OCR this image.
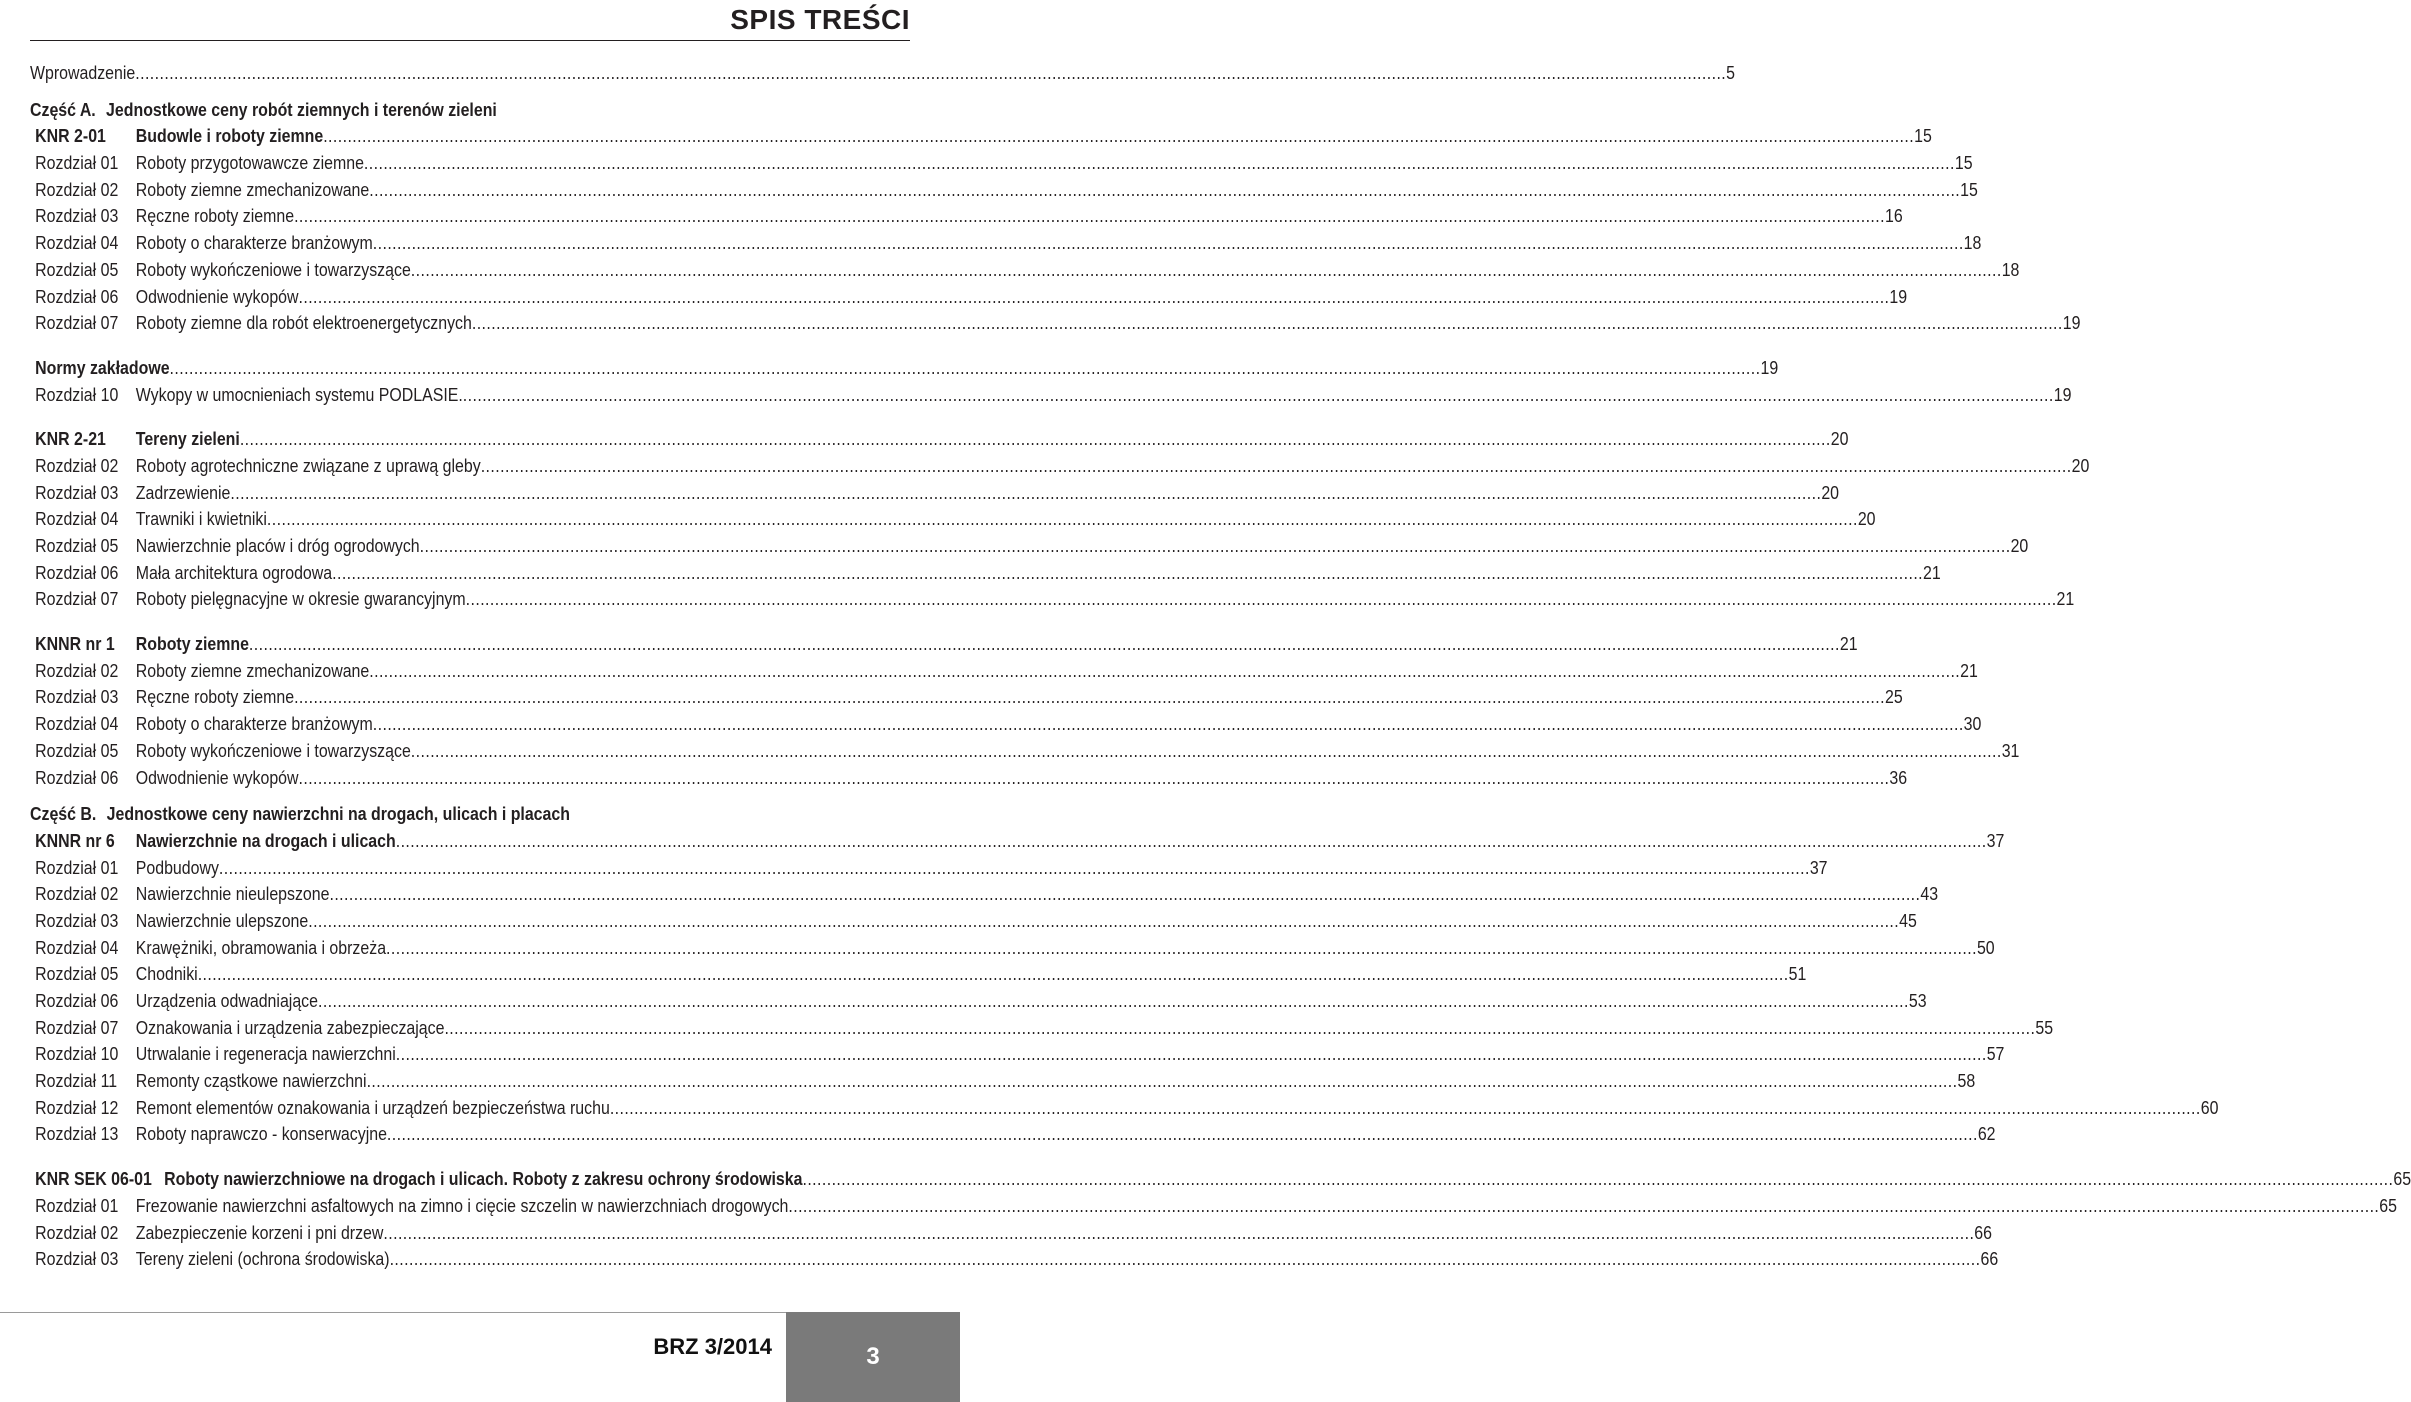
SPIS TREŚCI
Wprowadzenie .....	5
Część A. Jednostkowe ceny robót ziemnych i terenów zieleni
KNR 2-01	Budowle i roboty ziemne .....	15
Rozdział 01 Roboty przygotowawcze ziemne .....	15
Rozdział 02 Roboty ziemne zmechanizowane .....	15
Rozdział 03 Ręczne roboty ziemne .....	16
Rozdział 04 Roboty o charakterze branżowym .....	18
Rozdział 05 Roboty wykończeniowe i towarzyszące .....	18
Rozdział 06 Odwodnienie wykopów .....	19
Rozdział 07 Roboty ziemne dla robót elektroenergetycznych .....	19
Normy zakładowe .....	19
Rozdział 10 Wykopy w umocnieniach systemu PODLASIE. .....	19
KNR 2-21	Tereny zieleni .....	20
Rozdział 02 Roboty agrotechniczne związane z uprawą gleby .....	20
Rozdział 03 Zadrzewienie .....	20
Rozdział 04 Trawniki i kwietniki .....	20
Rozdział 05 Nawierzchnie placów i dróg ogrodowych .....	20
Rozdział 06 Mała architektura ogrodowa .....	21
Rozdział 07 Roboty pielęgnacyjne w okresie gwarancyjnym .....	21
KNNR nr 1	Roboty ziemne .....	21
Rozdział 02 Roboty ziemne zmechanizowane .....	21
Rozdział 03 Ręczne roboty ziemne .....	25
Rozdział 04 Roboty o charakterze branżowym .....	30
Rozdział 05 Roboty wykończeniowe i towarzyszące .....	31
Rozdział 06 Odwodnienie wykopów .....	36
Część B. Jednostkowe ceny nawierzchni na drogach, ulicach i placach
KNNR nr 6	Nawierzchnie na drogach i ulicach .....	37
Rozdział 01 Podbudowy .....	37
Rozdział 02 Nawierzchnie nieulepszone .....	43
Rozdział 03 Nawierzchnie ulepszone .....	45
Rozdział 04 Krawężniki, obramowania i obrzeża .....	50
Rozdział 05 Chodniki .....	51
Rozdział 06 Urządzenia odwadniające .....	53
Rozdział 07 Oznakowania i urządzenia zabezpieczające .....	55
Rozdział 10 Utrwalanie i regeneracja nawierzchni .....	57
Rozdział 11	Remonty cząstkowe nawierzchni .....	58
Rozdział 12 Remont elementów oznakowania i urządzeń bezpieczeństwa ruchu .....	60
Rozdział 13 Roboty naprawczo - konserwacyjne .....	62
KNR SEK 06-01 Roboty nawierzchniowe na drogach i ulicach. Roboty z zakresu ochrony środowiska .....	65
Rozdział 01 Frezowanie nawierzchni asfaltowych na zimno i cięcie szczelin w nawierzchniach drogowych .....	65
Rozdział 02 Zabezpieczenie korzeni i pni drzew .....	66
Rozdział 03 Tereny zieleni (ochrona środowiska) .....	66
BRZ 3/2014	3
